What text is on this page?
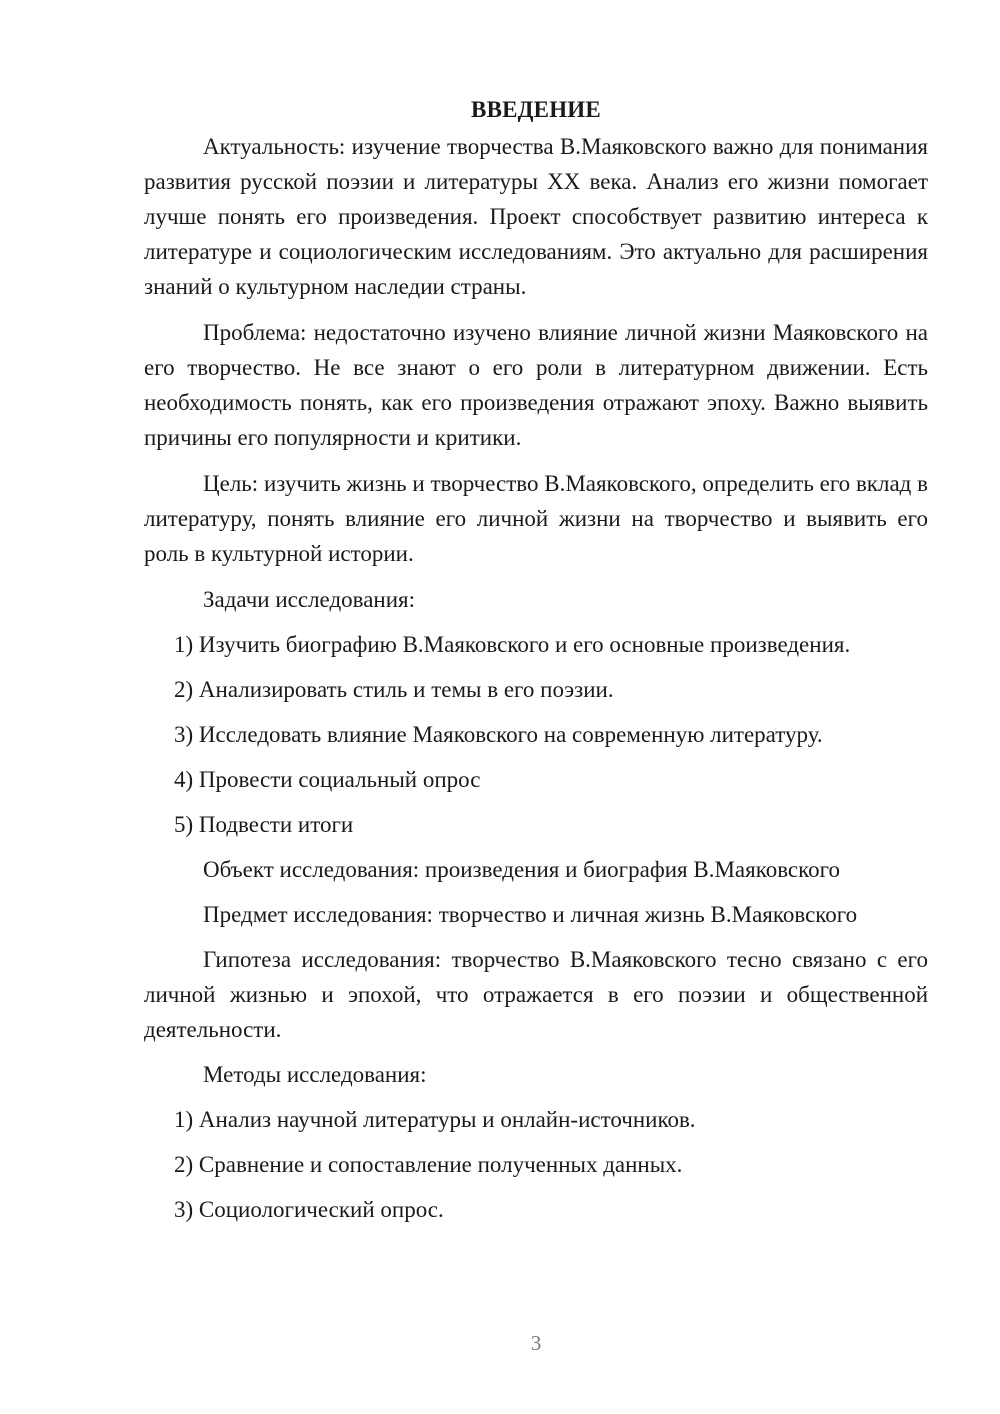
ВВЕДЕНИЕ

Актуальность: изучение творчества В.Маяковского важно для понимания развития русской поэзии и литературы XX века. Анализ его жизни помогает лучше понять его произведения. Проект способствует развитию интереса к литературе и социологическим исследованиям. Это актуально для расширения знаний о культурном наследии страны.

Проблема: недостаточно изучено влияние личной жизни Маяковского на его творчество. Не все знают о его роли в литературном движении. Есть необходимость понять, как его произведения отражают эпоху. Важно выявить причины его популярности и критики.

Цель: изучить жизнь и творчество В.Маяковского, определить его вклад в литературу, понять влияние его личной жизни на творчество и выявить его роль в культурной истории.

Задачи исследования:
1) Изучить биографию В.Маяковского и его основные произведения.
2) Анализировать стиль и темы в его поэзии.
3) Исследовать влияние Маяковского на современную литературу.
4) Провести социальный опрос
5) Подвести итоги
Объект исследования: произведения и биография В.Маяковского
Предмет исследования: творчество и личная жизнь В.Маяковского

Гипотеза исследования: творчество В.Маяковского тесно связано с его личной жизнью и эпохой, что отражается в его поэзии и общественной деятельности.

Методы исследования:
1) Анализ научной литературы и онлайн-источников.
2) Сравнение и сопоставление полученных данных.
3) Социологический опрос.
3
